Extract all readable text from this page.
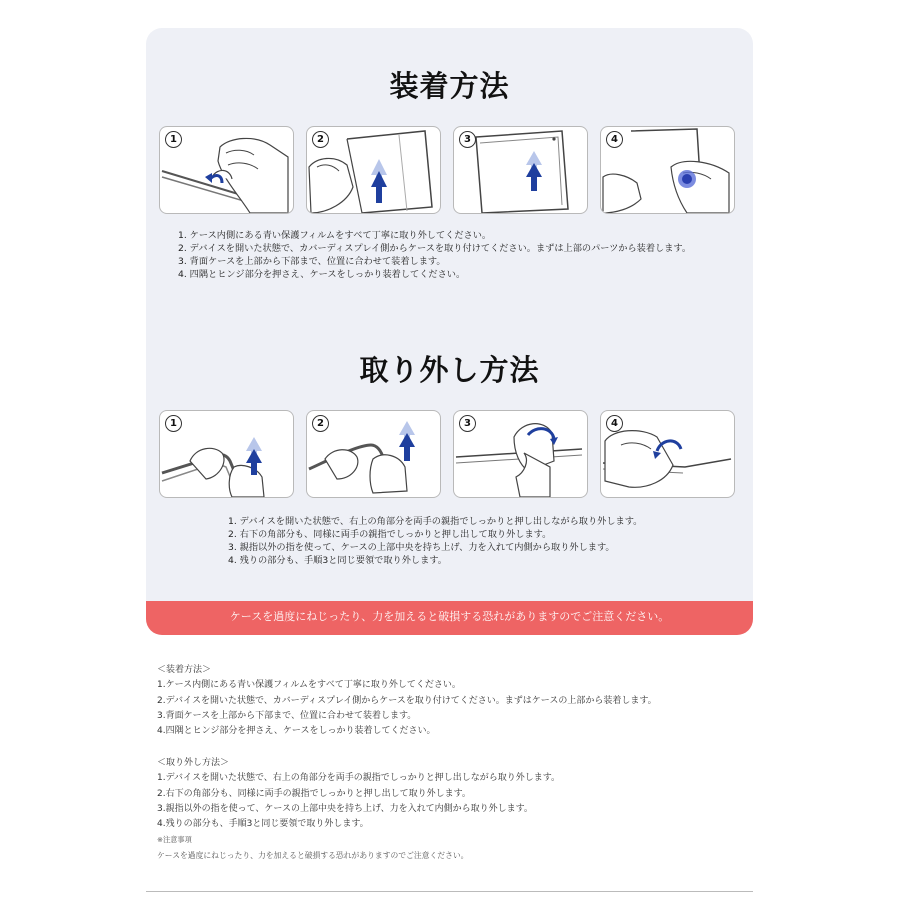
装着方法
1	2	3	4
1. ケース内側にある青い保護フィルムをすべて丁寧に取り外してください。
2. デバイスを開いた状態で、カバーディスプレイ側からケースを取り付けてください。まずは上部のパーツから装着します。
3. 背面ケースを上部から下部まで、位置に合わせて装着します。
4. 四隅とヒンジ部分を押さえ、ケースをしっかり装着してください。
取り外し方法
1	2	3	4
1. デバイスを開いた状態で、右上の角部分を両手の親指でしっかりと押し出しながら取り外します。
2. 右下の角部分も、同様に両手の親指でしっかりと押し出して取り外します。
3. 親指以外の指を使って、ケースの上部中央を持ち上げ、力を入れて内側から取り外します。
4. 残りの部分も、手順3と同じ要領で取り外します。
ケースを過度にねじったり、力を加えると破損する恐れがありますのでご注意ください。
＜装着方法＞
1.ケース内側にある青い保護フィルムをすべて丁寧に取り外してください。
2.デバイスを開いた状態で、カバーディスプレイ側からケースを取り付けてください。まずはケースの上部から装着します。
3.背面ケースを上部から下部まで、位置に合わせて装着します。
4.四隅とヒンジ部分を押さえ、ケースをしっかり装着してください。
＜取り外し方法＞
1.デバイスを開いた状態で、右上の角部分を両手の親指でしっかりと押し出しながら取り外します。
2.右下の角部分も、同様に両手の親指でしっかりと押し出して取り外します。
3.親指以外の指を使って、ケースの上部中央を持ち上げ、力を入れて内側から取り外します。
4.残りの部分も、手順3と同じ要領で取り外します。
※注意事項
ケースを過度にねじったり、力を加えると破損する恐れがありますのでご注意ください。
